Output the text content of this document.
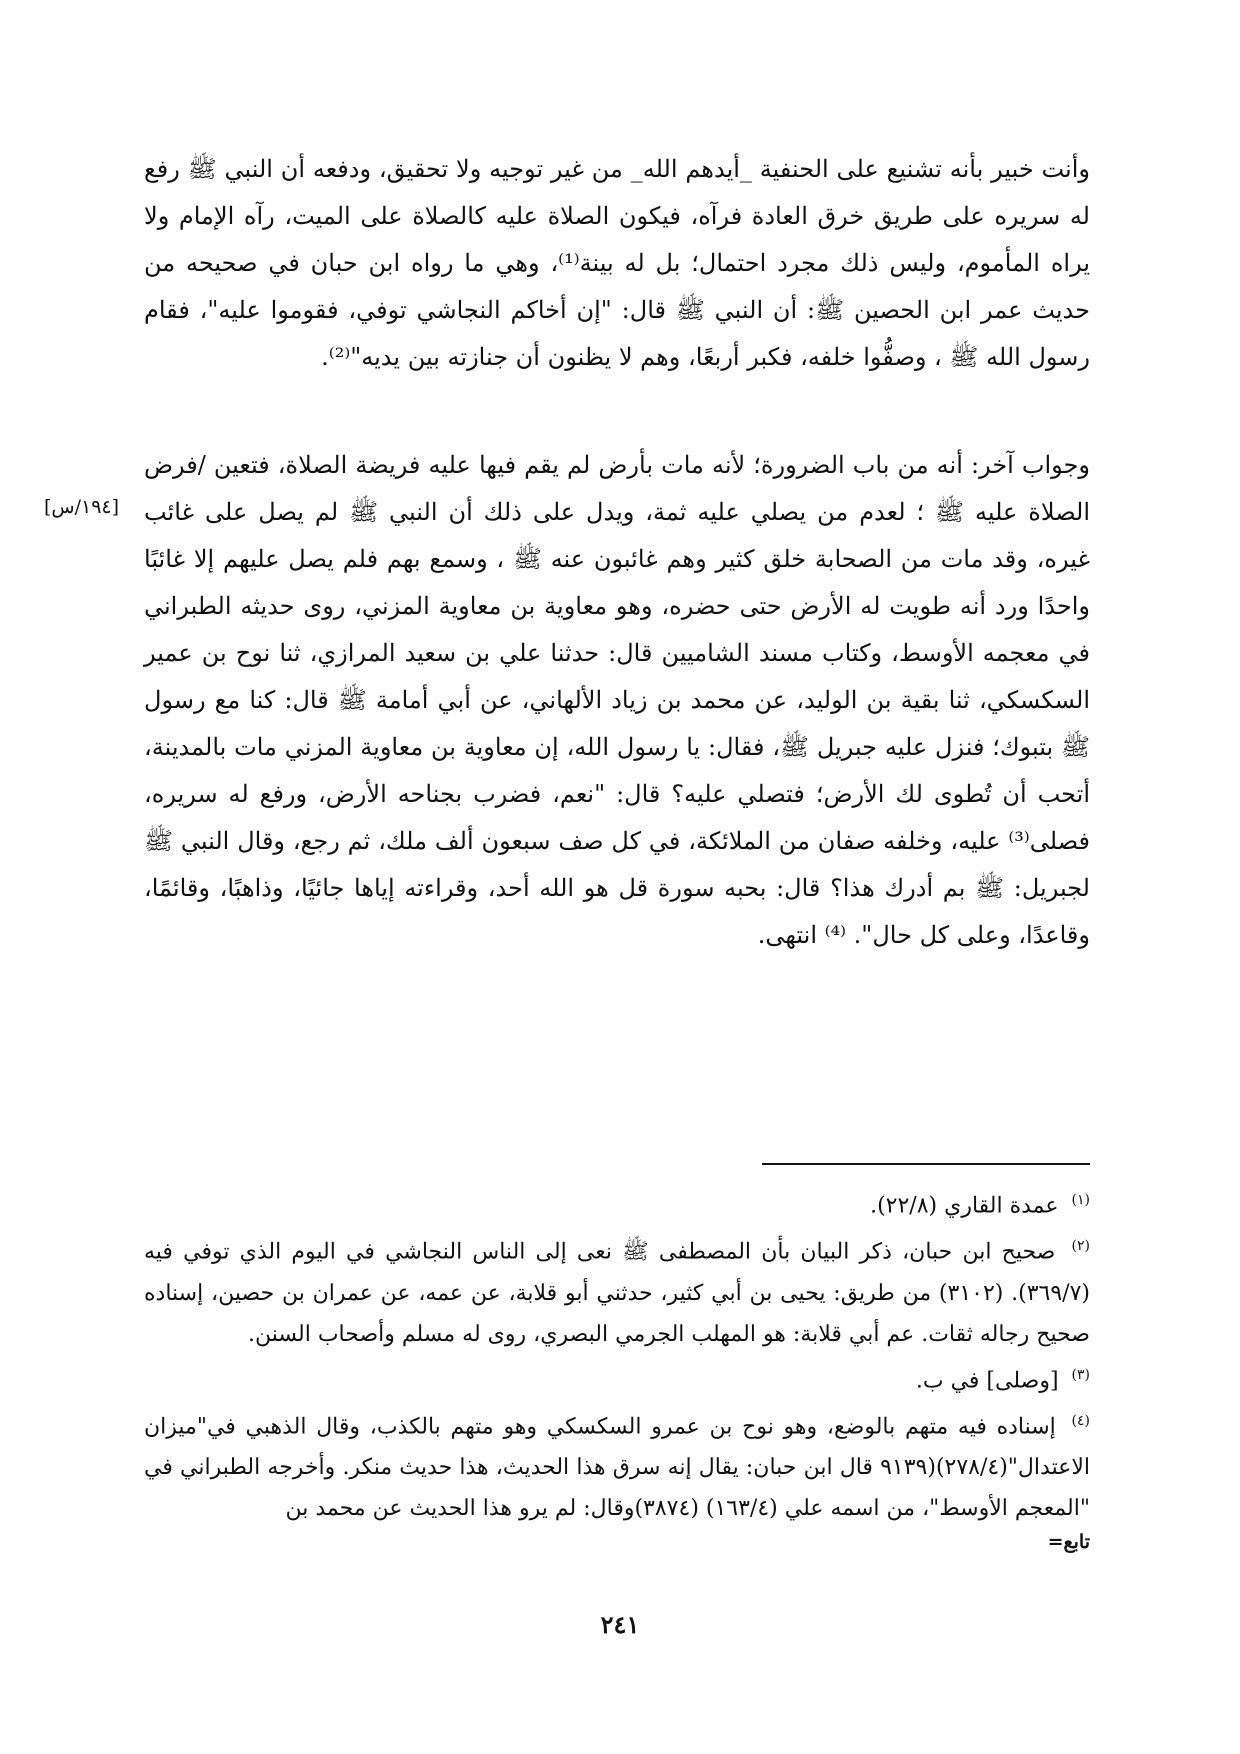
وأنت خبير بأنه تشنيع على الحنفية _أيدهم الله_ من غير توجيه ولا تحقيق، ودفعه أن النبي ﷺ رفع له سريره على طريق خرق العادة فرآه، فيكون الصلاة عليه كالصلاة على الميت، رآه الإمام ولا يراه المأموم، وليس ذلك مجرد احتمال؛ بل له بينة⁽¹⁾، وهي ما رواه ابن حبان في صحيحه من حديث عمر ابن الحصين ﷺ: أن النبي ﷺ قال: "إن أخاكم النجاشي توفي، فقوموا عليه"، فقام رسول الله ﷺ ، وصفُّوا خلفه، فكبر أربعًا، وهم لا يظنون أن جنازته بين يديه"⁽²⁾.

وجواب آخر: أنه من باب الضرورة؛ لأنه مات بأرض لم يقم فيها عليه فريضة الصلاة، فتعين /فرض الصلاة عليه ﷺ ؛ لعدم من يصلي عليه ثمة، ويدل على ذلك أن النبي ﷺ لم يصل على غائب غيره، وقد مات من الصحابة خلق كثير وهم غائبون عنه ﷺ ، وسمع بهم فلم يصل عليهم إلا غائبًا واحدًا ورد أنه طويت له الأرض حتى حضره، وهو معاوية بن معاوية المزني، روى حديثه الطبراني في معجمه الأوسط، وكتاب مسند الشاميين قال: حدثنا علي بن سعيد المرازي، ثنا نوح بن عمير السكسكي، ثنا بقية بن الوليد، عن محمد بن زياد الألهاني، عن أبي أمامة ﷺ قال: كنا مع رسول ﷺ بتبوك؛ فنزل عليه جبريل ﷺ، فقال: يا رسول الله، إن معاوية بن معاوية المزني مات بالمدينة، أتحب أن تُطوى لك الأرض؛ فتصلي عليه؟ قال: "نعم، فضرب بجناحه الأرض، ورفع له سريره، فصلى⁽³⁾ عليه، وخلفه صفان من الملائكة، في كل صف سبعون ألف ملك، ثم رجع، وقال النبي ﷺ لجبريل: ﷺ بم أدرك هذا؟ قال: بحبه سورة قل هو الله أحد، وقراءته إياها جائيًا، وذاهبًا، وقائمًا، وقاعدًا، وعلى كل حال". ⁽⁴⁾ انتهى.

[١٩٤/س]

$^{(١)}$ عمدة القاري (٢٢/٨).

$^{(٢)}$ صحيح ابن حبان، ذكر البيان بأن المصطفى ﷺ نعى إلى الناس النجاشي في اليوم الذي توفي فيه (٣٦٩/٧). (٣١٠٢) من طريق: يحيى بن أبي كثير، حدثني أبو قلابة، عن عمه، عن عمران بن حصين، إسناده صحيح رجاله ثقات. عم أبي قلابة: هو المهلب الجرمي البصري، روى له مسلم وأصحاب السنن.

$^{(٣)}$ [وصلى] في ب.

$^{(٤)}$ إسناده فيه متهم بالوضع، وهو نوح بن عمرو السكسكي وهو متهم بالكذب، وقال الذهبي في"ميزان الاعتدال"(٢٧٨/٤)(٩١٣٩ قال ابن حبان: يقال إنه سرق هذا الحديث، هذا حديث منكر. وأخرجه الطبراني في "المعجم الأوسط"، من اسمه علي (١٦٣/٤) (٣٨٧٤)وقال: لم يرو هذا الحديث عن محمد بن

تابع=
٢٤١
